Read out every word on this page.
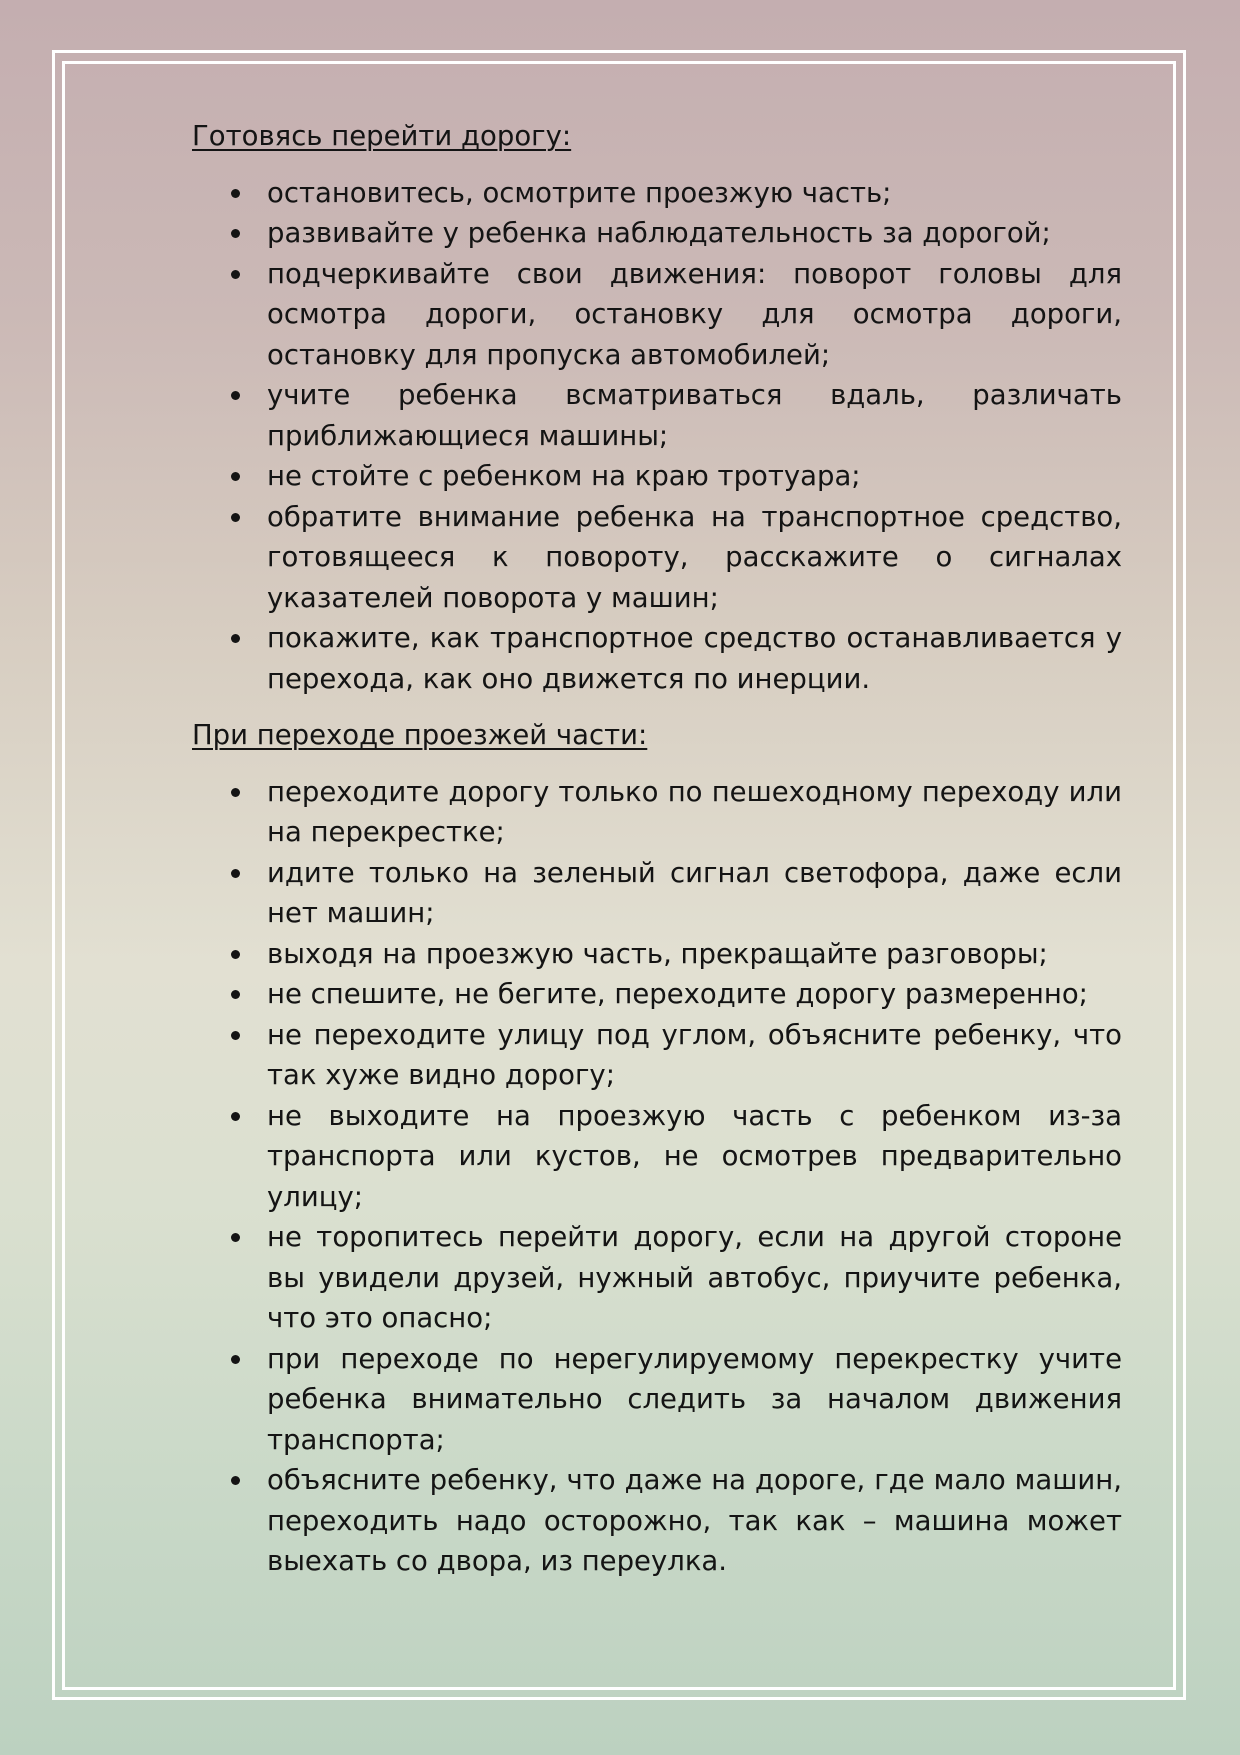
Готовясь перейти дорогу:
остановитесь, осмотрите проезжую часть;
развивайте у ребенка наблюдательность за дорогой;
подчеркивайте свои движения: поворот головы для осмотра дороги, остановку для осмотра дороги, остановку для пропуска автомобилей;
учите ребенка всматриваться вдаль, различать приближающиеся машины;
не стойте с ребенком на краю тротуара;
обратите внимание ребенка на транспортное средство, готовящееся к повороту, расскажите о сигналах указателей поворота у машин;
покажите, как транспортное средство останавливается у перехода, как оно движется по инерции.
При переходе проезжей части:
переходите дорогу только по пешеходному переходу или на перекрестке;
идите только на зеленый сигнал светофора, даже если нет машин;
выходя на проезжую часть, прекращайте разговоры;
не спешите, не бегите, переходите дорогу размеренно;
не переходите улицу под углом, объясните ребенку, что так хуже видно дорогу;
не выходите на проезжую часть с ребенком из-за транспорта или кустов, не осмотрев предварительно улицу;
не торопитесь перейти дорогу, если на другой стороне вы увидели друзей, нужный автобус, приучите ребенка, что это опасно;
при переходе по нерегулируемому перекрестку учите ребенка внимательно следить за началом движения транспорта;
объясните ребенку, что даже на дороге, где мало машин, переходить надо осторожно, так как – машина может выехать со двора, из переулка.
